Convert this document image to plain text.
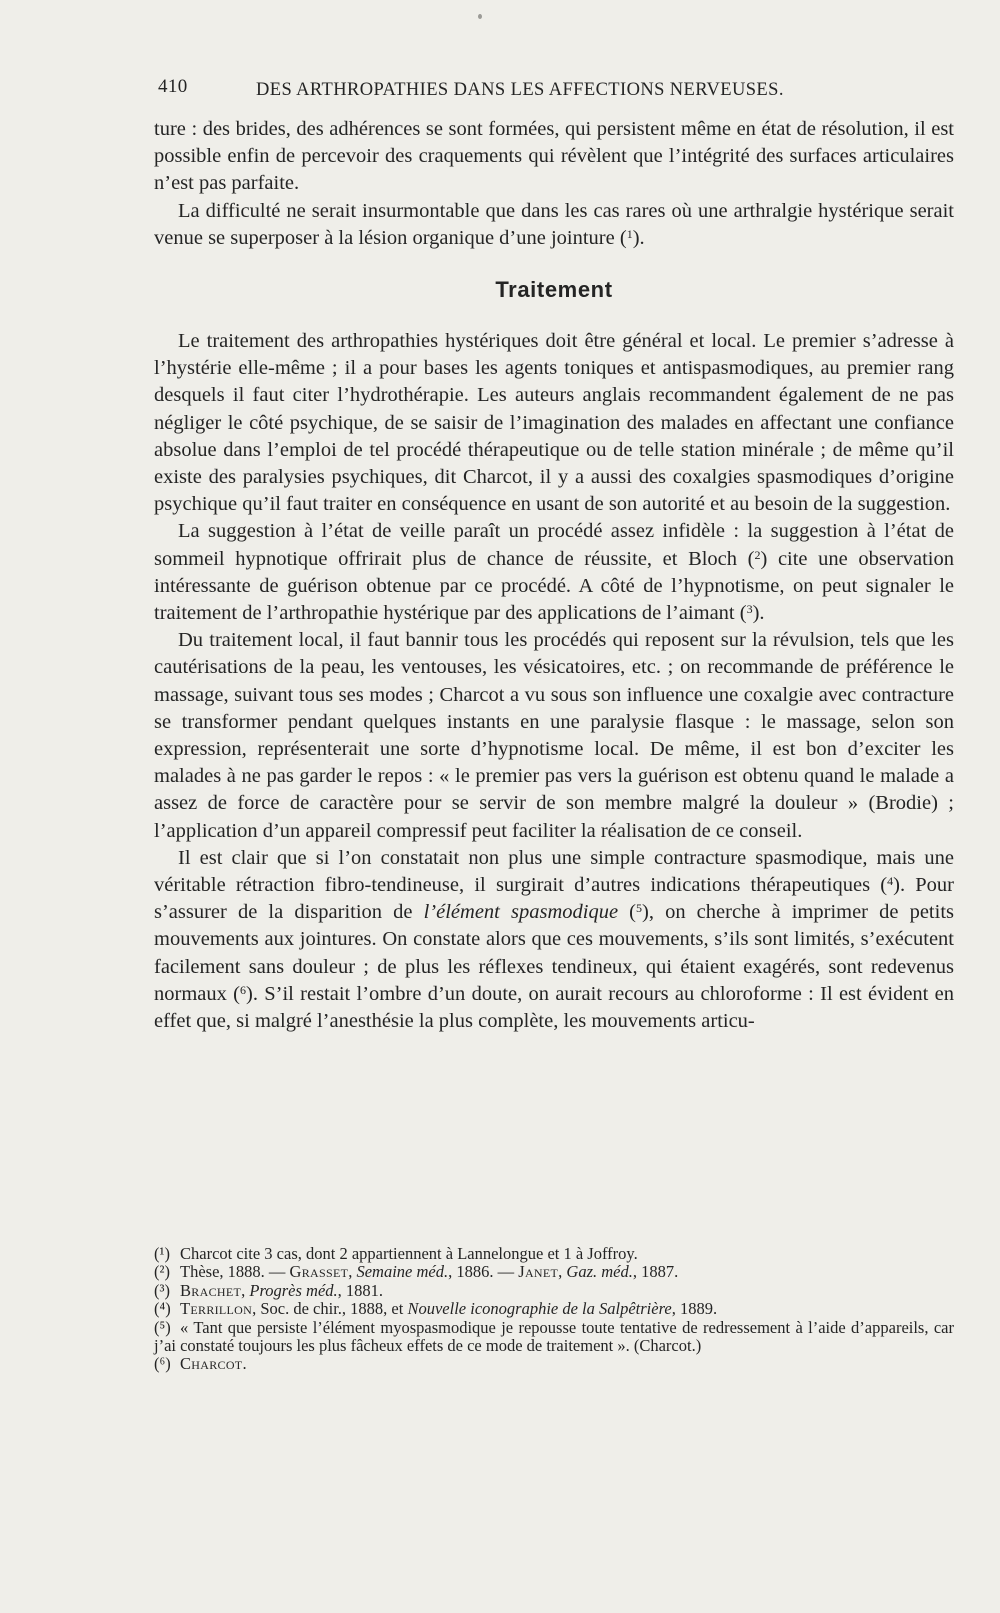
410	DES ARTHROPATHIES DANS LES AFFECTIONS NERVEUSES.

ture : des brides, des adhérences se sont formées, qui persistent même en état de résolution, il est possible enfin de percevoir des craquements qui révèlent que l’intégrité des surfaces articulaires n’est pas parfaite.

La difficulté ne serait insurmontable que dans les cas rares où une arthralgie hystérique serait venue se superposer à la lésion organique d’une jointure ($^1$).

Traitement

Le traitement des arthropathies hystériques doit être général et local. Le premier s’adresse à l’hystérie elle-même ; il a pour bases les agents toniques et antispasmodiques, au premier rang desquels il faut citer l’hydrothérapie. Les auteurs anglais recommandent également de ne pas négliger le côté psychique, de se saisir de l’imagination des malades en affectant une confiance absolue dans l’emploi de tel procédé thérapeutique ou de telle station minérale ; de même qu’il existe des paralysies psychiques, dit Charcot, il y a aussi des coxalgies spasmodiques d’origine psychique qu’il faut traiter en conséquence en usant de son autorité et au besoin de la suggestion.

La suggestion à l’état de veille paraît un procédé assez infidèle : la suggestion à l’état de sommeil hypnotique offrirait plus de chance de réussite, et Bloch ($^2$) cite une observation intéressante de guérison obtenue par ce procédé. A côté de l’hypnotisme, on peut signaler le traitement de l’arthropathie hystérique par des applications de l’aimant ($^3$).

Du traitement local, il faut bannir tous les procédés qui reposent sur la révulsion, tels que les cautérisations de la peau, les ventouses, les vésicatoires, etc. ; on recommande de préférence le massage, suivant tous ses modes ; Charcot a vu sous son influence une coxalgie avec contracture se transformer pendant quelques instants en une paralysie flasque : le massage, selon son expression, représenterait une sorte d’hypnotisme local. De même, il est bon d’exciter les malades à ne pas garder le repos : « le premier pas vers la guérison est obtenu quand le malade a assez de force de caractère pour se servir de son membre malgré la douleur » (Brodie) ; l’application d’un appareil compressif peut faciliter la réalisation de ce conseil.

Il est clair que si l’on constatait non plus une simple contracture spasmodique, mais une véritable rétraction fibro-tendineuse, il surgirait d’autres indications thérapeutiques ($^4$). Pour s’assurer de la disparition de l’élément spasmodique ($^5$), on cherche à imprimer de petits mouvements aux jointures. On constate alors que ces mouvements, s’ils sont limités, s’exécutent facilement sans douleur ; de plus les réflexes tendineux, qui étaient exagérés, sont redevenus normaux ($^6$). S’il restait l’ombre d’un doute, on aurait recours au chloroforme : Il est évident en effet que, si malgré l’anesthésie la plus complète, les mouvements articu-

(¹) Charcot cite 3 cas, dont 2 appartiennent à Lannelongue et 1 à Joffroy.

(²) Thèse, 1888. — Grasset, Semaine méd., 1886. — Janet, Gaz. méd., 1887.

(³) Brachet, Progrès méd., 1881.

(⁴) Terrillon, Soc. de chir., 1888, et Nouvelle iconographie de la Salpêtrière, 1889.

(⁵) « Tant que persiste l’élément myospasmodique je repousse toute tentative de redressement à l’aide d’appareils, car j’ai constaté toujours les plus fâcheux effets de ce mode de traitement ». (Charcot.)

(⁶) Charcot.
